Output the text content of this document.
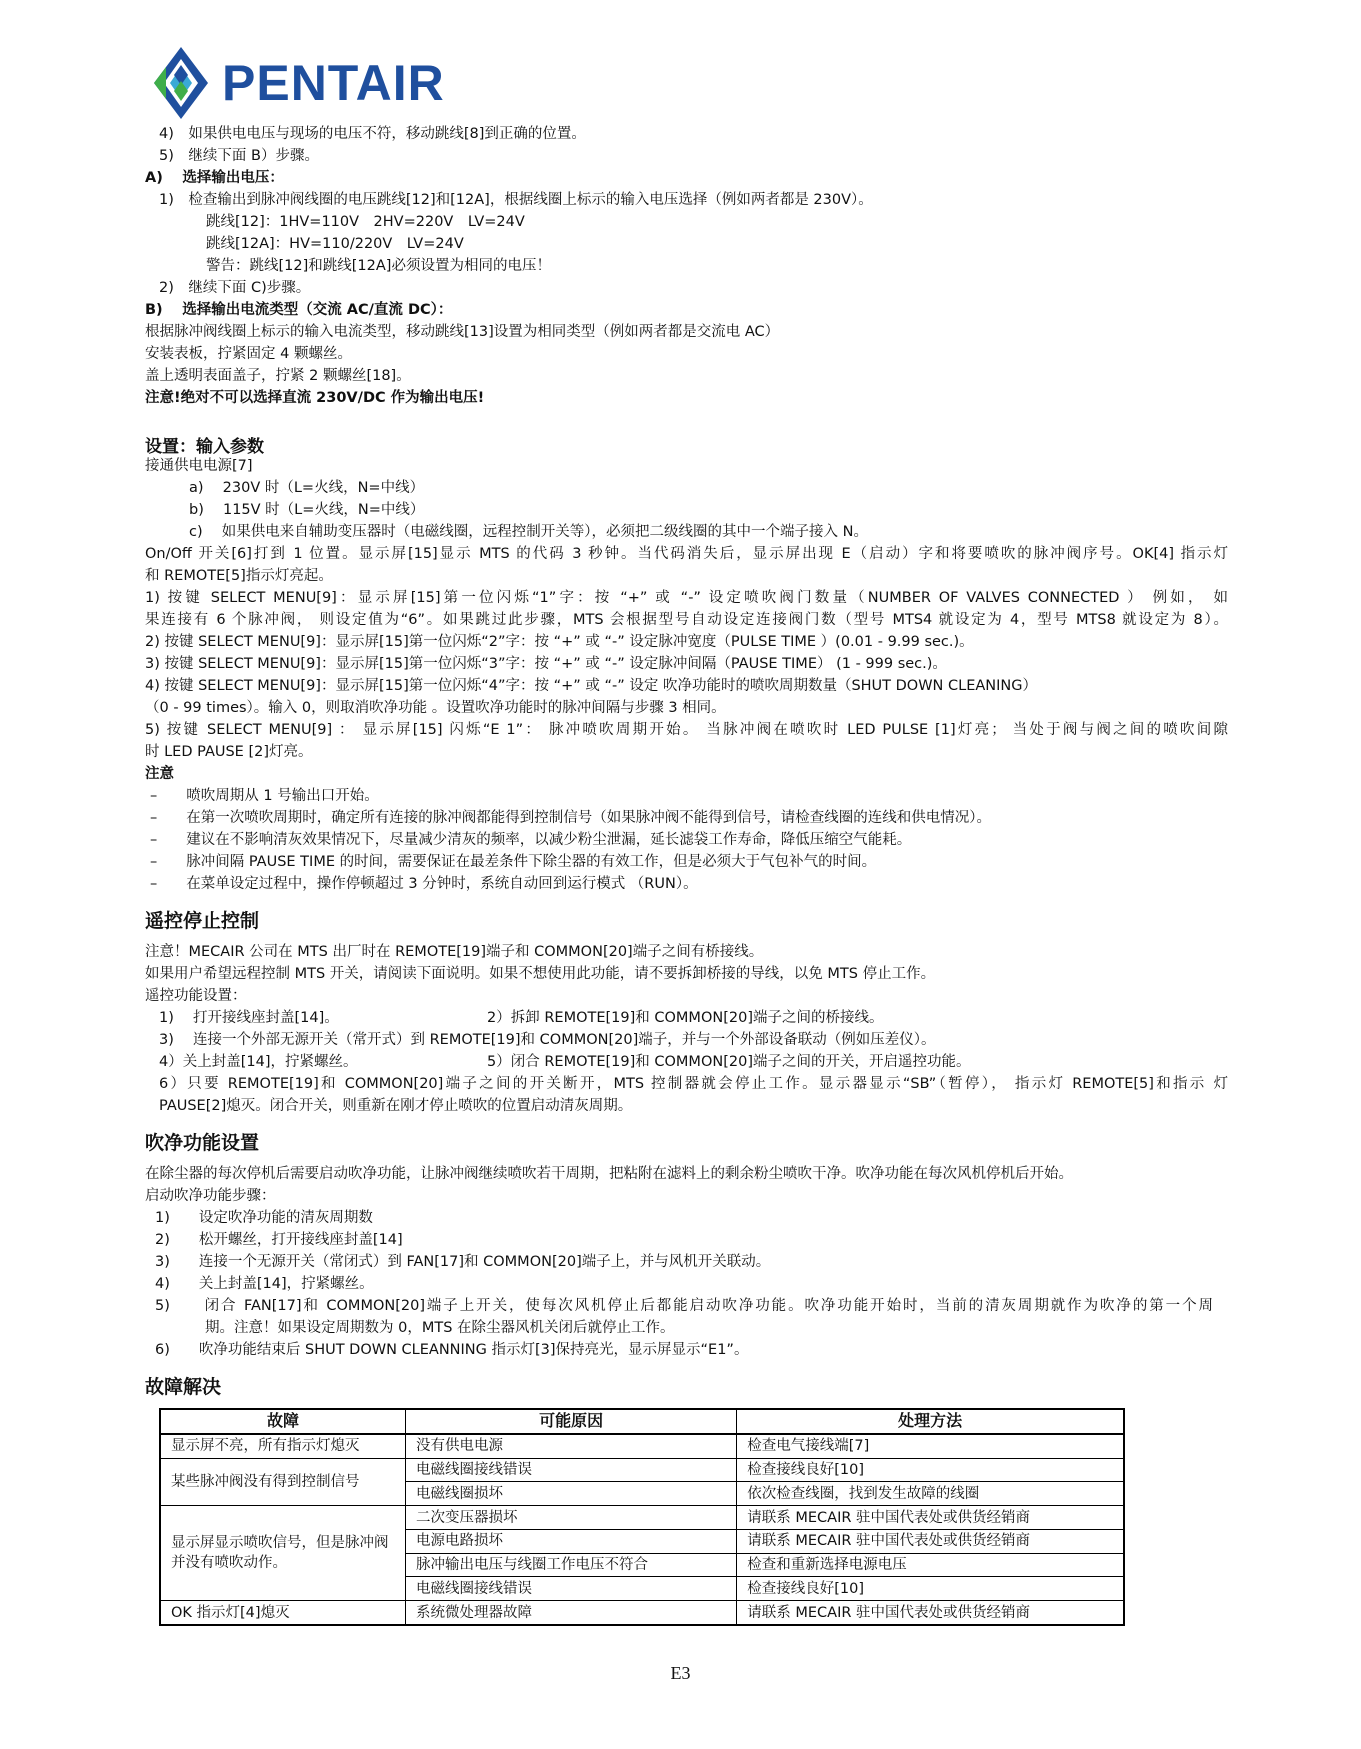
PENTAIR
4)　如果供电电压与现场的电压不符，移动跳线[8]到正确的位置。
5)　继续下面 B）步骤。
A)　 选择输出电压：
1)　检查输出到脉冲阀线圈的电压跳线[12]和[12A]，根据线圈上标示的输入电压选择（例如两者都是 230V）。
跳线[12]：1HV=110V　2HV=220V　LV=24V
跳线[12A]：HV=110/220V　LV=24V
警告：跳线[12]和跳线[12A]必须设置为相同的电压！
2)　继续下面 C)步骤。
B)　 选择输出电流类型（交流 AC/直流 DC）：
根据脉冲阀线圈上标示的输入电流类型，移动跳线[13]设置为相同类型（例如两者都是交流电 AC）
安装表板，拧紧固定 4 颗螺丝。
盖上透明表面盖子，拧紧 2 颗螺丝[18]。
注意!绝对不可以选择直流 230V/DC 作为输出电压!
设置：输入参数
接通供电电源[7]
a)　 230V 时（L=火线，N=中线）
b)　 115V 时（L=火线，N=中线）
c)　 如果供电来自辅助变压器时（电磁线圈，远程控制开关等），必须把二级线圈的其中一个端子接入 N。
On/Off 开关[6]打到 1 位置。显示屏[15]显示 MTS 的代码 3 秒钟。当代码消失后，显示屏出现 E（启动）字和将要喷吹的脉冲阀序号。OK[4] 指示灯
和 REMOTE[5]指示灯亮起。
1) 按键 SELECT MENU[9]：显示屏[15]第一位闪烁“1”字：按 “+” 或 “-” 设定喷吹阀门数量（NUMBER OF VALVES CONNECTED ） 例如， 如
果连接有 6 个脉冲阀， 则设定值为“6”。如果跳过此步骤，MTS 会根据型号自动设定连接阀门数（型号 MTS4 就设定为 4，型号 MTS8 就设定为 8）。
2) 按键 SELECT MENU[9]：显示屏[15]第一位闪烁“2”字：按 “+” 或 “-” 设定脉冲宽度（PULSE TIME ）(0.01 - 9.99 sec.)。
3) 按键 SELECT MENU[9]：显示屏[15]第一位闪烁“3”字：按 “+” 或 “-” 设定脉冲间隔（PAUSE TIME） (1 - 999 sec.)。
4) 按键 SELECT MENU[9]：显示屏[15]第一位闪烁“4”字：按 “+” 或 “-” 设定 吹净功能时的喷吹周期数量（SHUT DOWN CLEANING）
（0 - 99 times）。输入 0，则取消吹净功能 。设置吹净功能时的脉冲间隔与步骤 3 相同。
5) 按键 SELECT MENU[9] ： 显示屏[15] 闪烁“E 1”： 脉冲喷吹周期开始。 当脉冲阀在喷吹时 LED PULSE [1]灯亮； 当处于阀与阀之间的喷吹间隙
时 LED PAUSE [2]灯亮。
注意
–　　喷吹周期从 1 号输出口开始。
–　　在第一次喷吹周期时，确定所有连接的脉冲阀都能得到控制信号（如果脉冲阀不能得到信号，请检查线圈的连线和供电情况）。
–　　建议在不影响清灰效果情况下，尽量减少清灰的频率，以减少粉尘泄漏，延长滤袋工作寿命，降低压缩空气能耗。
–　　脉冲间隔 PAUSE TIME 的时间，需要保证在最差条件下除尘器的有效工作，但是必须大于气包补气的时间。
–　　在菜单设定过程中，操作停顿超过 3 分钟时，系统自动回到运行模式 （RUN）。
遥控停止控制
注意！MECAIR 公司在 MTS 出厂时在 REMOTE[19]端子和 COMMON[20]端子之间有桥接线。
如果用户希望远程控制 MTS 开关，请阅读下面说明。如果不想使用此功能，请不要拆卸桥接的导线，以免 MTS 停止工作。
遥控功能设置：
1)　 打开接线座封盖[14]。	2）拆卸 REMOTE[19]和 COMMON[20]端子之间的桥接线。
3)　 连接一个外部无源开关（常开式）到 REMOTE[19]和 COMMON[20]端子，并与一个外部设备联动（例如压差仪）。
4）关上封盖[14]，拧紧螺丝。	5）闭合 REMOTE[19]和 COMMON[20]端子之间的开关，开启遥控功能。
6）只要 REMOTE[19]和 COMMON[20]端子之间的开关断开，MTS 控制器就会停止工作。显示器显示“SB”（暂停）， 指示灯 REMOTE[5]和指示 灯
PAUSE[2]熄灭。闭合开关，则重新在刚才停止喷吹的位置启动清灰周期。
吹净功能设置
在除尘器的每次停机后需要启动吹净功能，让脉冲阀继续喷吹若干周期，把粘附在滤料上的剩余粉尘喷吹干净。吹净功能在每次风机停机后开始。
启动吹净功能步骤：
1)　　设定吹净功能的清灰周期数
2)　　松开螺丝，打开接线座封盖[14]
3)　　连接一个无源开关（常闭式）到 FAN[17]和 COMMON[20]端子上，并与风机开关联动。
4)　　关上封盖[14]，拧紧螺丝。
5)　　闭合 FAN[17]和 COMMON[20]端子上开关，使每次风机停止后都能启动吹净功能。吹净功能开始时，当前的清灰周期就作为吹净的第一个周
期。注意！如果设定周期数为 0，MTS 在除尘器风机关闭后就停止工作。
6)　　吹净功能结束后 SHUT DOWN CLEANNING 指示灯[3]保持亮光，显示屏显示“E1”。
故障解决
故障	可能原因	处理方法
显示屏不亮，所有指示灯熄灭	没有供电电源	检查电气接线端[7]
某些脉冲阀没有得到控制信号	电磁线圈接线错误	检查接线良好[10]
	电磁线圈损坏	依次检查线圈，找到发生故障的线圈
显示屏显示喷吹信号，但是脉冲阀并没有喷吹动作。	二次变压器损坏	请联系 MECAIR 驻中国代表处或供货经销商
	电源电路损坏	请联系 MECAIR 驻中国代表处或供货经销商
	脉冲输出电压与线圈工作电压不符合	检查和重新选择电源电压
	电磁线圈接线错误	检查接线良好[10]
OK 指示灯[4]熄灭	系统微处理器故障	请联系 MECAIR 驻中国代表处或供货经销商
E3
